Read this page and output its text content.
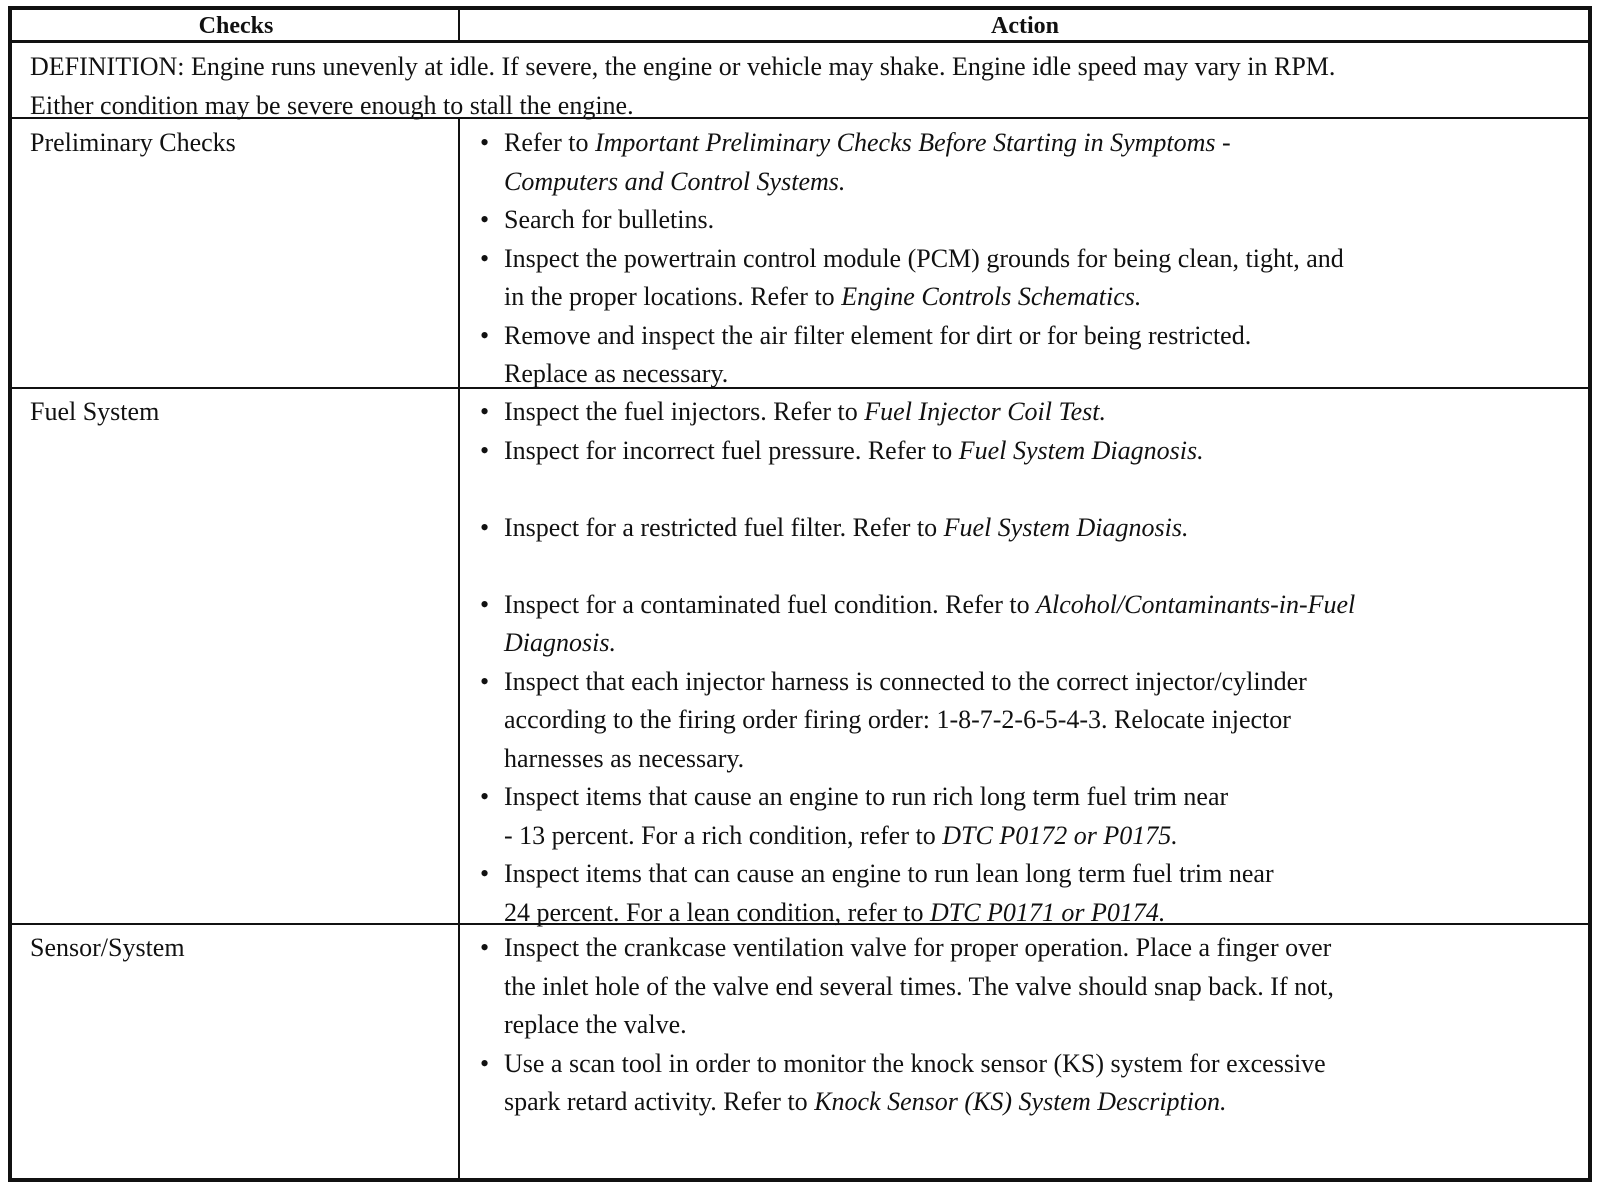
Checks	Action
DEFINITION: Engine runs unevenly at idle. If severe, the engine or vehicle may shake. Engine idle speed may vary in RPM.
Either condition may be severe enough to stall the engine.
Preliminary Checks
Fuel System
Sensor/System
• Refer to Important Preliminary Checks Before Starting in Symptoms -
Computers and Control Systems.
• Search for bulletins.
• Inspect the powertrain control module (PCM) grounds for being clean, tight, and
in the proper locations. Refer to Engine Controls Schematics.
• Remove and inspect the air filter element for dirt or for being restricted.
Replace as necessary.
• Inspect the fuel injectors. Refer to Fuel Injector Coil Test.
• Inspect for incorrect fuel pressure. Refer to Fuel System Diagnosis.
• Inspect for a restricted fuel filter. Refer to Fuel System Diagnosis.
• Inspect for a contaminated fuel condition. Refer to Alcohol/Contaminants-in-Fuel
Diagnosis.
• Inspect that each injector harness is connected to the correct injector/cylinder
according to the firing order firing order: 1-8-7-2-6-5-4-3. Relocate injector
harnesses as necessary.
• Inspect items that cause an engine to run rich long term fuel trim near
- 13 percent. For a rich condition, refer to DTC P0172 or P0175.
• Inspect items that can cause an engine to run lean long term fuel trim near
24 percent. For a lean condition, refer to DTC P0171 or P0174.
• Inspect the crankcase ventilation valve for proper operation. Place a finger over
the inlet hole of the valve end several times. The valve should snap back. If not,
replace the valve.
• Use a scan tool in order to monitor the knock sensor (KS) system for excessive
spark retard activity. Refer to Knock Sensor (KS) System Description.
